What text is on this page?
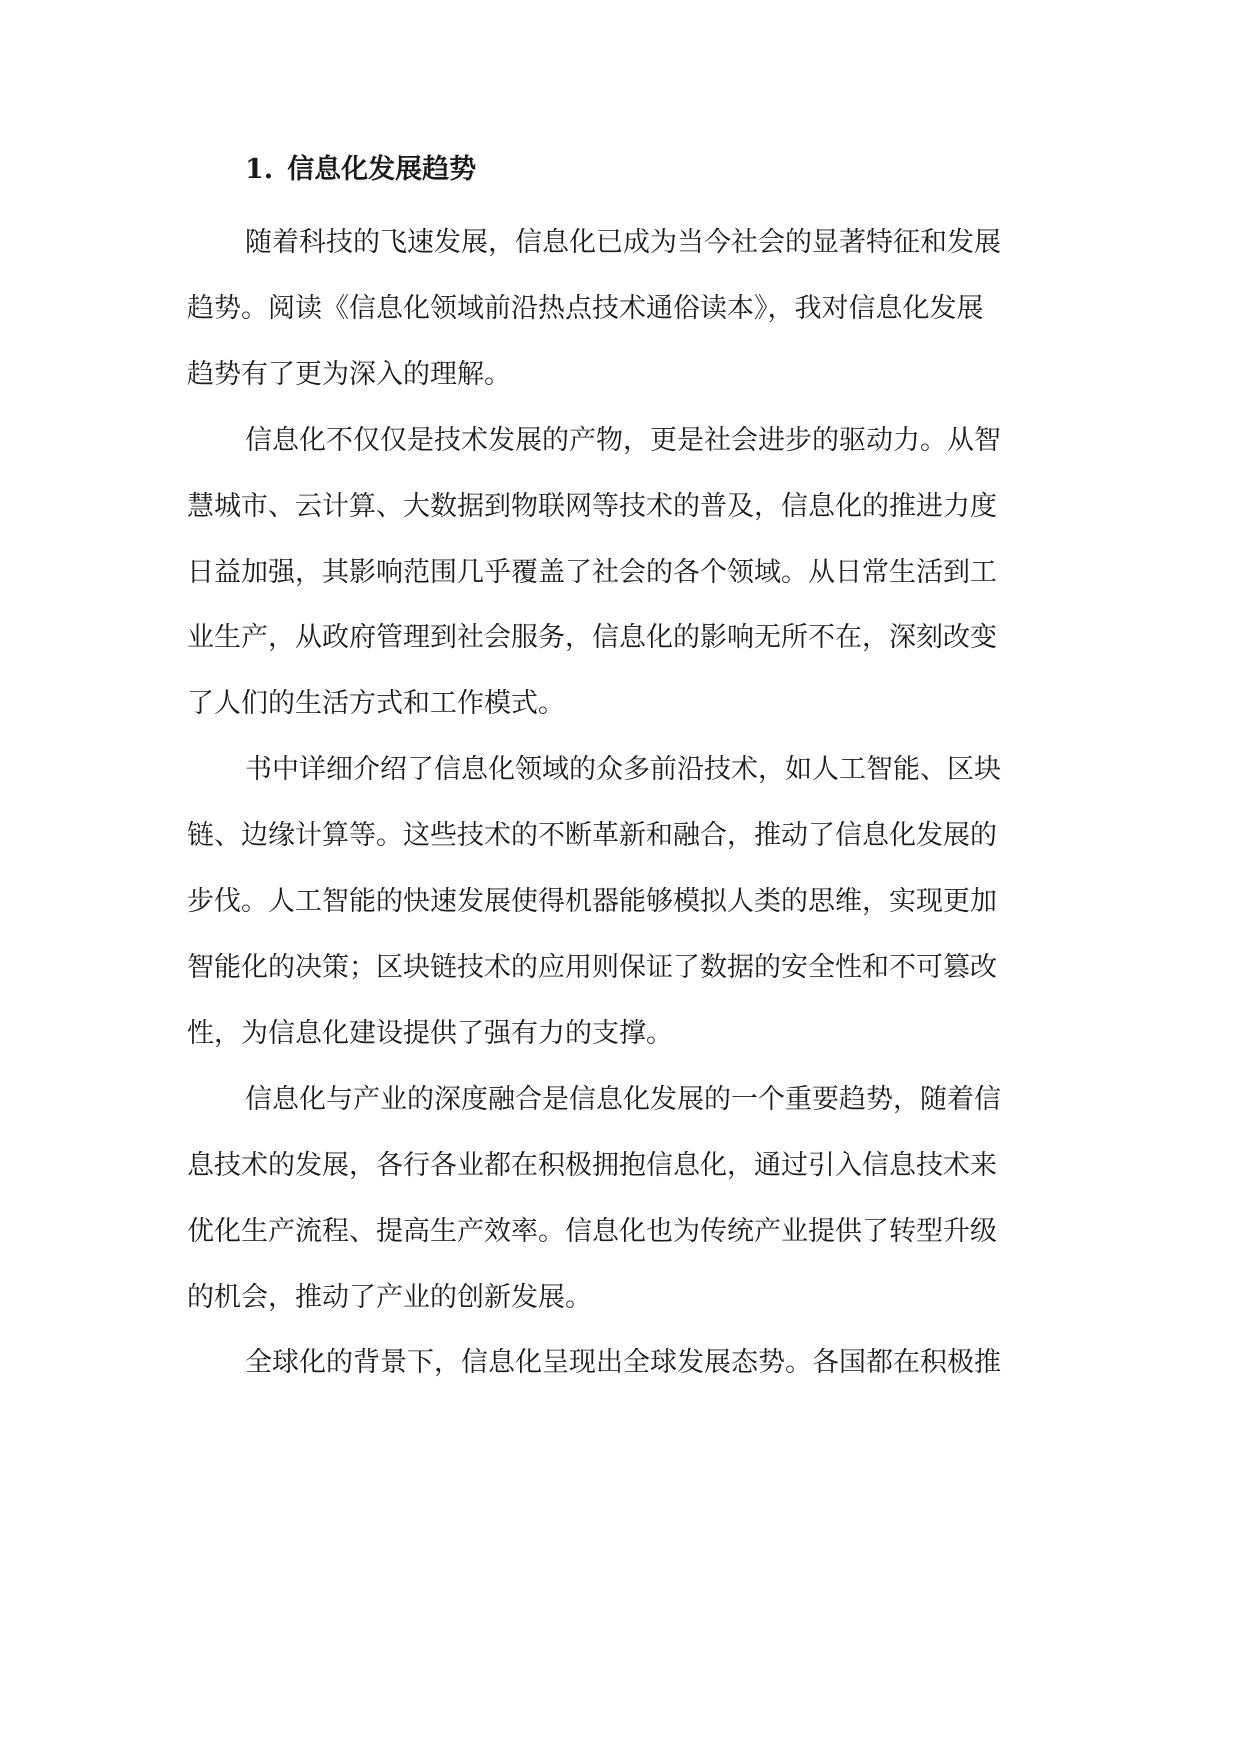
1. 信息化发展趋势

随着科技的飞速发展，信息化已成为当今社会的显著特征和发展
趋势。阅读《信息化领域前沿热点技术通俗读本》，我对信息化发展
趋势有了更为深入的理解。

信息化不仅仅是技术发展的产物，更是社会进步的驱动力。从智
慧城市、云计算、大数据到物联网等技术的普及，信息化的推进力度
日益加强，其影响范围几乎覆盖了社会的各个领域。从日常生活到工
业生产，从政府管理到社会服务，信息化的影响无所不在，深刻改变
了人们的生活方式和工作模式。

书中详细介绍了信息化领域的众多前沿技术，如人工智能、区块
链、边缘计算等。这些技术的不断革新和融合，推动了信息化发展的
步伐。人工智能的快速发展使得机器能够模拟人类的思维，实现更加
智能化的决策；区块链技术的应用则保证了数据的安全性和不可篡改
性，为信息化建设提供了强有力的支撑。

信息化与产业的深度融合是信息化发展的一个重要趋势，随着信
息技术的发展，各行各业都在积极拥抱信息化，通过引入信息技术来
优化生产流程、提高生产效率。信息化也为传统产业提供了转型升级
的机会，推动了产业的创新发展。

全球化的背景下，信息化呈现出全球发展态势。各国都在积极推
